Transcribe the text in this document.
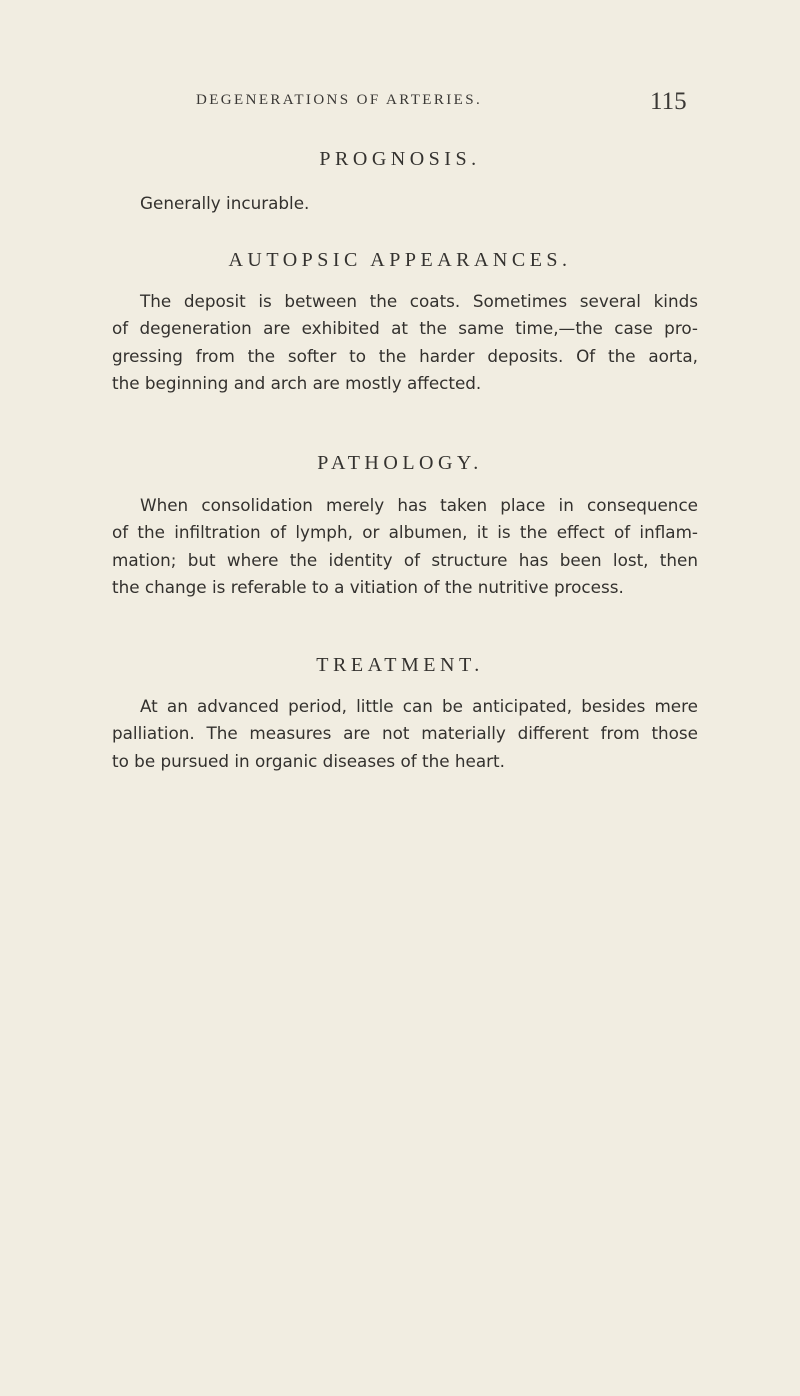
DEGENERATIONS OF ARTERIES.	115
PROGNOSIS.
Generally incurable.
AUTOPSIC APPEARANCES.
The deposit is between the coats. Sometimes several kinds
of degeneration are exhibited at the same time,—the case pro-
gressing from the softer to the harder deposits. Of the aorta,
the beginning and arch are mostly affected.
PATHOLOGY.
When consolidation merely has taken place in consequence
of the infiltration of lymph, or albumen, it is the effect of inflam-
mation; but where the identity of structure has been lost, then
the change is referable to a vitiation of the nutritive process.
TREATMENT.
At an advanced period, little can be anticipated, besides mere
palliation. The measures are not materially different from those
to be pursued in organic diseases of the heart.
